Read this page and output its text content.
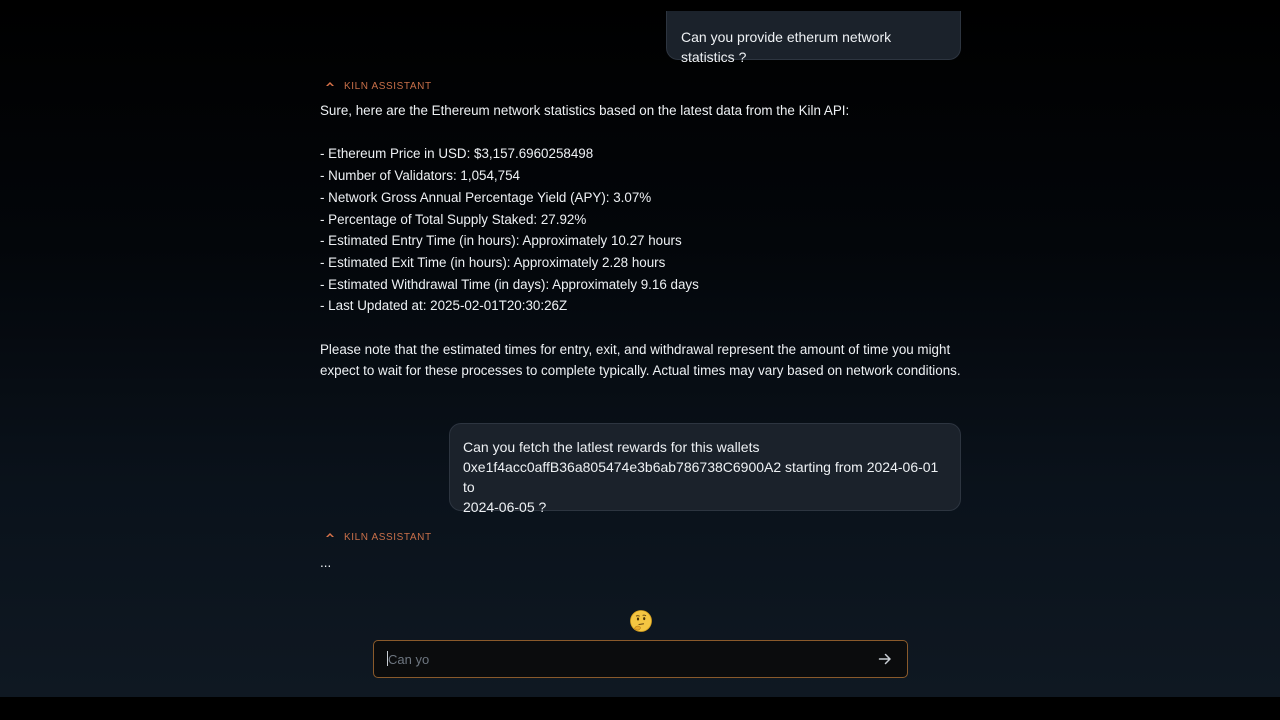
Can you provide etherum network statistics ?
KILN ASSISTANT

Sure, here are the Ethereum network statistics based on the latest data from the Kiln API:

- Ethereum Price in USD: $3,157.6960258498

- Number of Validators: 1,054,754

- Network Gross Annual Percentage Yield (APY): 3.07%

- Percentage of Total Supply Staked: 27.92%

- Estimated Entry Time (in hours): Approximately 10.27 hours

- Estimated Exit Time (in hours): Approximately 2.28 hours

- Estimated Withdrawal Time (in days): Approximately 9.16 days

- Last Updated at: 2025-02-01T20:30:26Z

Please note that the estimated times for entry, exit, and withdrawal represent the amount of time you might

expect to wait for these processes to complete typically. Actual times may vary based on network conditions.

Can you fetch the latlest rewards for this wallets
0xe1f4acc0affB36a805474e3b6ab786738C6900A2 starting from 2024-06-01 to
2024-06-05 ?
KILN ASSISTANT

...

Can yo
